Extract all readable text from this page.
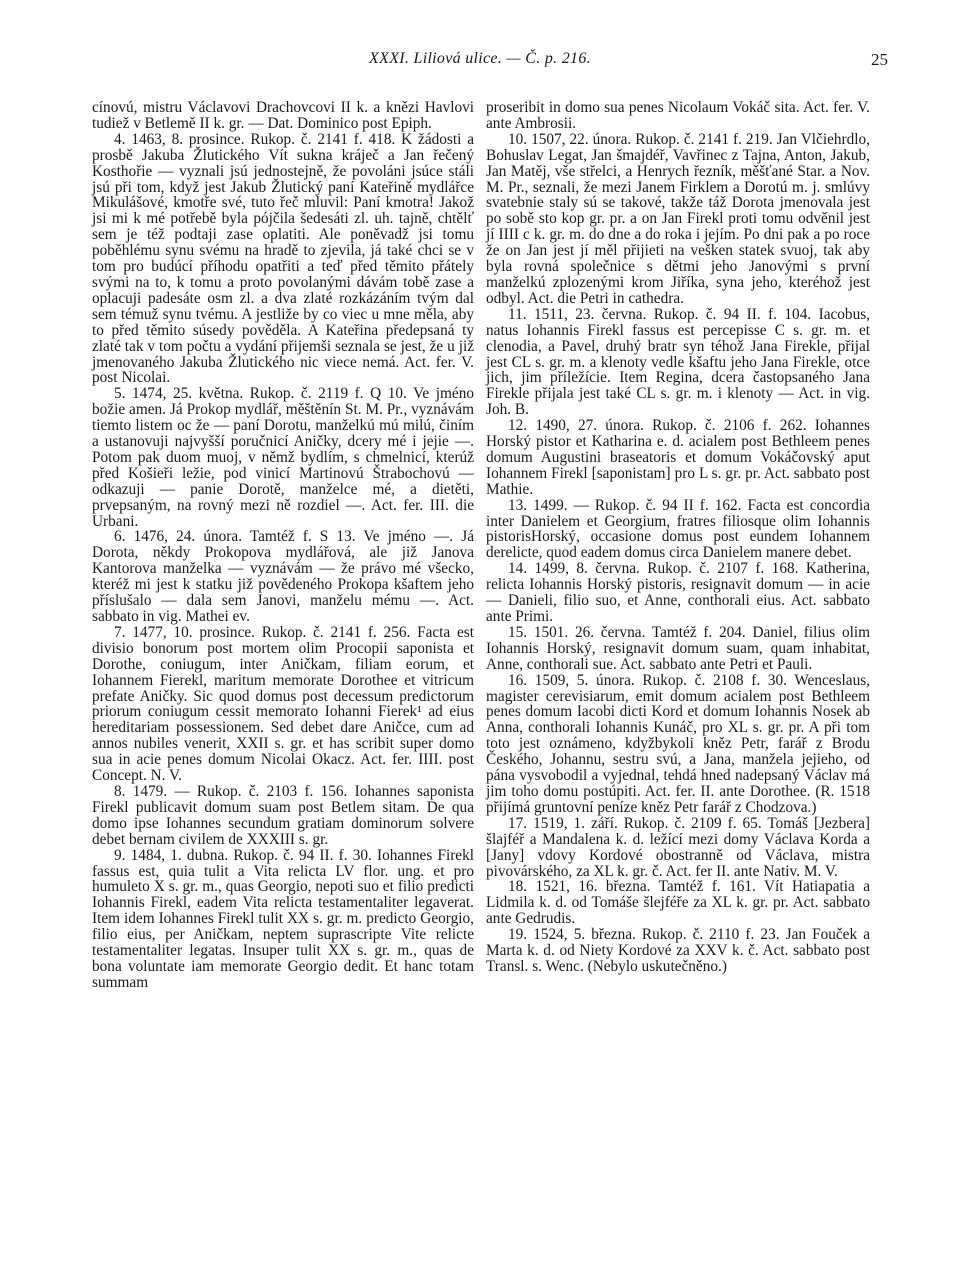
XXXI. Liliová ulice. — Č. p. 216.	25

cínovú, mistru Václavovi Drachovcovi II k. a knězi Havlovi tudiež v Betlemě II k. gr. — Dat. Dominico post Epiph.

4. 1463, 8. prosince. Rukop. č. 2141 f. 418. K žádosti a prosbě Jakuba Žlutického Vít sukna kráječ a Jan řečený Kosthořie — vyznali jsú jednostejně, že povoláni jsúce stáli jsú při tom, když jest Jakub Žlutický paní Kateřině mydlářce Mikulášové, kmotře své, tuto řeč mluvil: Paní kmotra! Jakož jsi mi k mé potřebě byla pójčila šedesáti zl. uh. tajně, chtělť sem je též podtaji zase oplatiti. Ale poněvadž jsi tomu poběhlému synu svému na hradě to zjevila, já také chci se v tom pro budúcí příhodu opatřiti a teď před těmito přátely svými na to, k tomu a proto povolanými dávám tobě zase a oplacuji padesáte osm zl. a dva zlaté rozkázáním tvým dal sem témuž synu tvému. A jestliže by co viec u mne měla, aby to před těmito súsedy pověděla. A Kateřina předepsaná ty zlaté tak v tom počtu a vydání přijemši seznala se jest, že u již jmenovaného Jakuba Žlutického nic viece nemá. Act. fer. V. post Nicolai.

5. 1474, 25. května. Rukop. č. 2119 f. Q 10. Ve jméno božie amen. Já Prokop mydlář, měštěnín St. M. Pr., vyznávám tiemto listem oc že — paní Dorotu, manželkú mú milú, činím a ustanovuji najvyšší poručnicí Aničky, dcery mé i jejie —. Potom pak duom muoj, v němž bydlím, s chmelnicí, kterúž před Košieři ležie, pod vinicí Martinovú Štrabochovú — odkazuji — panie Dorotě, manželce mé, a dietěti, prvepsaným, na rovný mezi ně rozdiel —. Act. fer. III. die Urbani.

6. 1476, 24. února. Tamtéž f. S 13. Ve jméno —. Já Dorota, někdy Prokopova mydlářová, ale již Janova Kantorova manželka — vyznávám — že právo mé všecko, kteréž mi jest k statku již povědeného Prokopa kšaftem jeho příslušalo — dala sem Janovi, manželu mému —. Act. sabbato in vig. Mathei ev.

7. 1477, 10. prosince. Rukop. č. 2141 f. 256. Facta est divisio bonorum post mortem olim Procopii saponista et Dorothe, coniugum, inter Aničkam, filiam eorum, et Iohannem Fierekl, maritum memorate Dorothee et vitricum prefate Aničky. Sic quod domus post decessum predictorum priorum coniugum cessit memorato Iohanni Fierek¹ ad eius hereditariam possessionem. Sed debet dare Aničce, cum ad annos nubiles venerit, XXII s. gr. et has scribit super domo sua in acie penes domum Nicolai Okacz. Act. fer. IIII. post Concept. N. V.

8. 1479. — Rukop. č. 2103 f. 156. Iohannes saponista Firekl publicavit domum suam post Betlem sitam. De qua domo ipse Iohannes secundum gratiam dominorum solvere debet bernam civilem de XXXIII s. gr.

9. 1484, 1. dubna. Rukop. č. 94 II. f. 30. Iohannes Firekl fassus est, quia tulit a Vita relicta LV flor. ung. et pro humuleto X s. gr. m., quas Georgio, nepoti suo et filio predicti Iohannis Firekl, eadem Vita relicta testamentaliter legaverat. Item idem Iohannes Firekl tulit XX s. gr. m. predicto Georgio, filio eius, per Aničkam, neptem suprascripte Vite relicte testamentaliter legatas. Insuper tulit XX s. gr. m., quas de bona voluntate iam memorate Georgio dedit. Et hanc totam summam

proseribit in domo sua penes Nicolaum Vokáč sita. Act. fer. V. ante Ambrosii.

10. 1507, 22. února. Rukop. č. 2141 f. 219. Jan Vlčiehrdlo, Bohuslav Legat, Jan šmajdéř, Vavřinec z Tajna, Anton, Jakub, Jan Matěj, vše střelci, a Henrych řezník, měšťané Star. a Nov. M. Pr., seznali, že mezi Janem Firklem a Dorotú m. j. smlúvy svatebnie staly sú se takové, takže táž Dorota jmenovala jest po sobě sto kop gr. pr. a on Jan Firekl proti tomu odvěnil jest jí IIII c k. gr. m. do dne a do roka i jejím. Po dni pak a po roce že on Jan jest jí měl přijieti na vešken statek svuoj, tak aby byla rovná společnice s dětmi jeho Janovými s první manželkú zplozenými krom Jiříka, syna jeho, kteréhož jest odbyl. Act. die Petri in cathedra.

11. 1511, 23. června. Rukop. č. 94 II. f. 104. Iacobus, natus Iohannis Firekl fassus est percepisse C s. gr. m. et clenodia, a Pavel, druhý bratr syn téhož Jana Firekle, přijal jest CL s. gr. m. a klenoty vedle kšaftu jeho Jana Firekle, otce jich, jim příležície. Item Regina, dcera častopsaného Jana Firekle přijala jest také CL s. gr. m. i klenoty — Act. in vig. Joh. B.

12. 1490, 27. února. Rukop. č. 2106 f. 262. Iohannes Horský pistor et Katharina e. d. acialem post Bethleem penes domum Augustini braseatoris et domum Vokáčovský aput Iohannem Firekl [saponistam] pro L s. gr. pr. Act. sabbato post Mathie.

13. 1499. — Rukop. č. 94 II f. 162. Facta est concordia inter Danielem et Georgium, fratres filiosque olim Iohannis pistorisHorský, occasione domus post eundem Iohannem derelicte, quod eadem domus circa Danielem manere debet.

14. 1499, 8. června. Rukop. č. 2107 f. 168. Katherina, relicta Iohannis Horský pistoris, resignavit domum — in acie — Danieli, filio suo, et Anne, conthorali eius. Act. sabbato ante Primi.

15. 1501. 26. června. Tamtéž f. 204. Daniel, filius olim Iohannis Horský, resignavit domum suam, quam inhabitat, Anne, conthorali sue. Act. sabbato ante Petri et Pauli.

16. 1509, 5. února. Rukop. č. 2108 f. 30. Wenceslaus, magister cerevisiarum, emit domum acialem post Bethleem penes domum Iacobi dicti Kord et domum Iohannis Nosek ab Anna, conthorali Iohannis Kunáč, pro XL s. gr. pr. A při tom toto jest oznámeno, kdyžbykoli kněz Petr, farář z Brodu Českého, Johannu, sestru svú, a Jana, manžela jejieho, od pána vysvobodil a vyjednal, tehdá hned nadepsaný Václav má jim toho domu postúpiti. Act. fer. II. ante Dorothee. (R. 1518 přijímá gruntovní peníze kněz Petr farář z Chodzova.)

17. 1519, 1. září. Rukop. č. 2109 f. 65. Tomáš [Jezbera] šlajféř a Mandalena k. d. ležící mezi domy Václava Korda a [Jany] vdovy Kordové obostranně od Václava, mistra pivovárského, za XL k. gr. č. Act. fer II. ante Nativ. M. V.

18. 1521, 16. března. Tamtéž f. 161. Vít Hatiapatia a Lidmila k. d. od Tomáše šlejféře za XL k. gr. pr. Act. sabbato ante Gedrudis.

19. 1524, 5. března. Rukop. č. 2110 f. 23. Jan Fouček a Marta k. d. od Niety Kordové za XXV k. č. Act. sabbato post Transl. s. Wenc. (Nebylo uskutečněno.)
